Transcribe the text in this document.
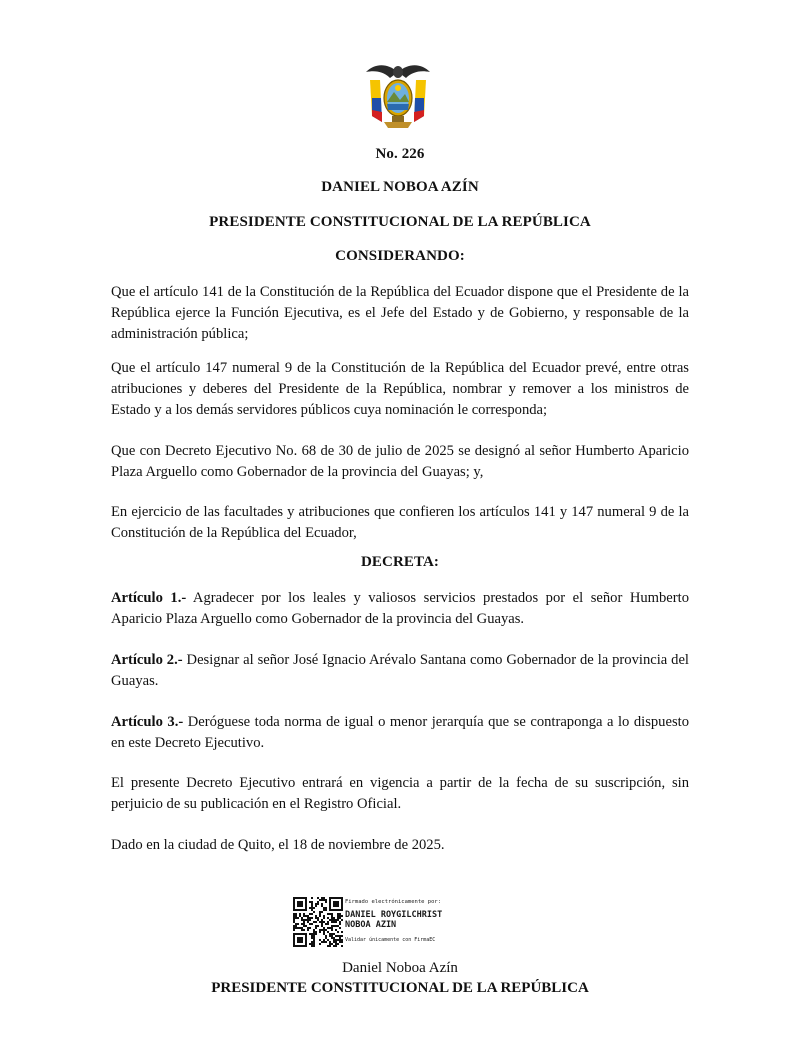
No. 226
DANIEL NOBOA AZÍN
PRESIDENTE CONSTITUCIONAL DE LA REPÚBLICA
CONSIDERANDO:
Que el artículo 141 de la Constitución de la República del Ecuador dispone que el Presidente de la República ejerce la Función Ejecutiva, es el Jefe del Estado y de Gobierno, y responsable de la administración pública;
Que el artículo 147 numeral 9 de la Constitución de la República del Ecuador prevé, entre otras atribuciones y deberes del Presidente de la República, nombrar y remover a los ministros de Estado y a los demás servidores públicos cuya nominación le corresponda;
Que con Decreto Ejecutivo No. 68 de 30 de julio de 2025 se designó al señor Humberto Aparicio Plaza Arguello como Gobernador de la provincia del Guayas; y,
En ejercicio de las facultades y atribuciones que confieren los artículos 141 y 147 numeral 9 de la Constitución de la República del Ecuador,
DECRETA:
Artículo 1.- Agradecer por los leales y valiosos servicios prestados por el señor Humberto Aparicio Plaza Arguello como Gobernador de la provincia del Guayas.
Artículo 2.- Designar al señor José Ignacio Arévalo Santana como Gobernador de la provincia del Guayas.
Artículo 3.- Deróguese toda norma de igual o menor jerarquía que se contraponga a lo dispuesto en este Decreto Ejecutivo.
El presente Decreto Ejecutivo entrará en vigencia a partir de la fecha de su suscripción, sin perjuicio de su publicación en el Registro Oficial.
Dado en la ciudad de Quito, el 18 de noviembre de 2025.
Firmado electrónicamente por:
DANIEL ROYGILCHRIST
NOBOA AZIN
Validar únicamente con FirmaEC
Daniel Noboa Azín
PRESIDENTE CONSTITUCIONAL DE LA REPÚBLICA
